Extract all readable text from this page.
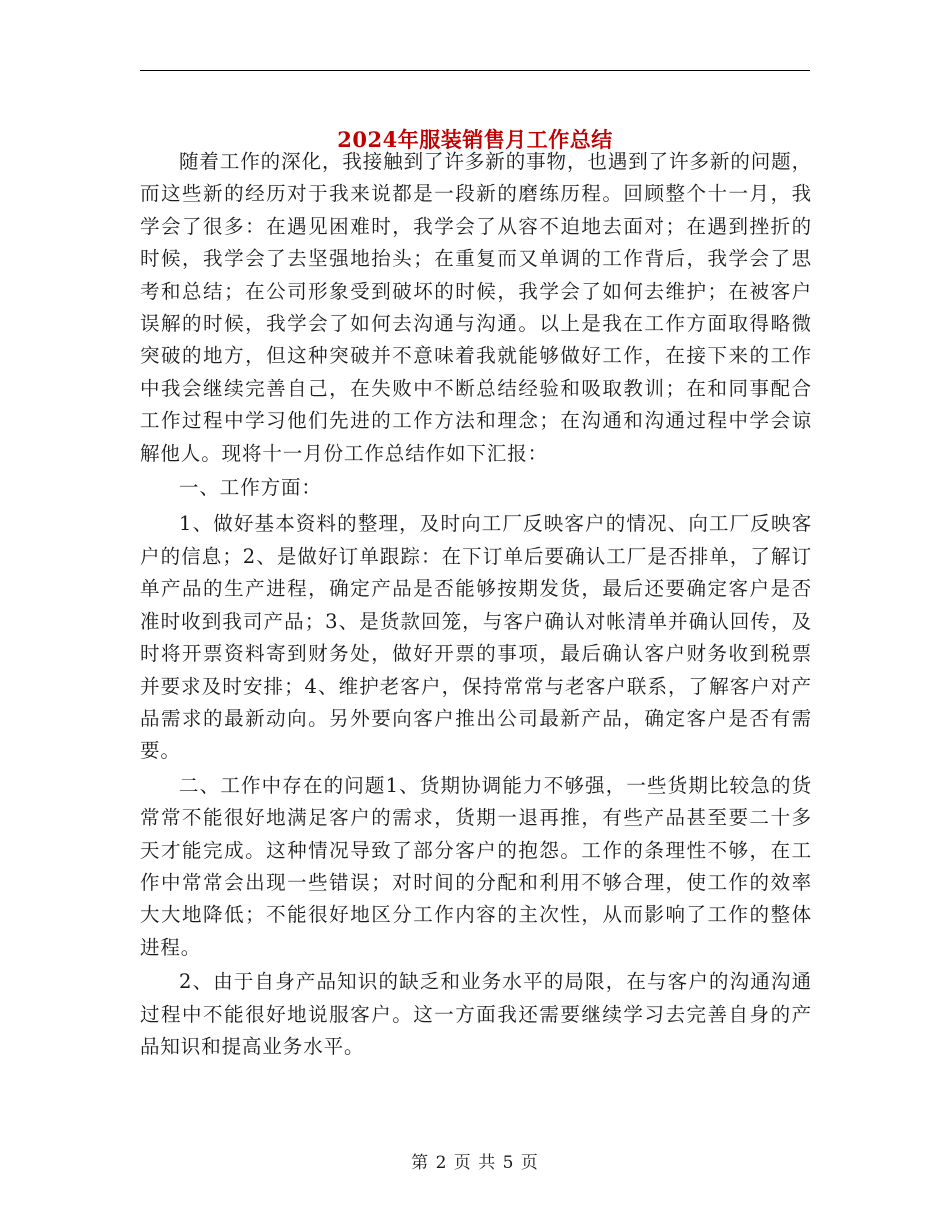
2024年服装销售月工作总结

随着工作的深化，我接触到了许多新的事物，也遇到了许多新的问题，而这些新的经历对于我来说都是一段新的磨练历程。回顾整个十一月，我学会了很多：在遇见困难时，我学会了从容不迫地去面对；在遇到挫折的时候，我学会了去坚强地抬头；在重复而又单调的工作背后，我学会了思考和总结；在公司形象受到破坏的时候，我学会了如何去维护；在被客户误解的时候，我学会了如何去沟通与沟通。以上是我在工作方面取得略微突破的地方，但这种突破并不意味着我就能够做好工作，在接下来的工作中我会继续完善自己，在失败中不断总结经验和吸取教训；在和同事配合工作过程中学习他们先进的工作方法和理念；在沟通和沟通过程中学会谅解他人。现将十一月份工作总结作如下汇报：

一、工作方面：

1、做好基本资料的整理，及时向工厂反映客户的情况、向工厂反映客户的信息；2、是做好订单跟踪：在下订单后要确认工厂是否排单，了解订单产品的生产进程，确定产品是否能够按期发货，最后还要确定客户是否准时收到我司产品；3、是货款回笼，与客户确认对帐清单并确认回传，及时将开票资料寄到财务处，做好开票的事项，最后确认客户财务收到税票并要求及时安排；4、维护老客户，保持常常与老客户联系，了解客户对产品需求的最新动向。另外要向客户推出公司最新产品，确定客户是否有需要。

二、工作中存在的问题1、货期协调能力不够强，一些货期比较急的货常常不能很好地满足客户的需求，货期一退再推，有些产品甚至要二十多天才能完成。这种情况导致了部分客户的抱怨。工作的条理性不够，在工作中常常会出现一些错误；对时间的分配和利用不够合理，使工作的效率大大地降低；不能很好地区分工作内容的主次性，从而影响了工作的整体进程。

2、由于自身产品知识的缺乏和业务水平的局限，在与客户的沟通沟通过程中不能很好地说服客户。这一方面我还需要继续学习去完善自身的产品知识和提高业务水平。

第 2 页 共 5 页
